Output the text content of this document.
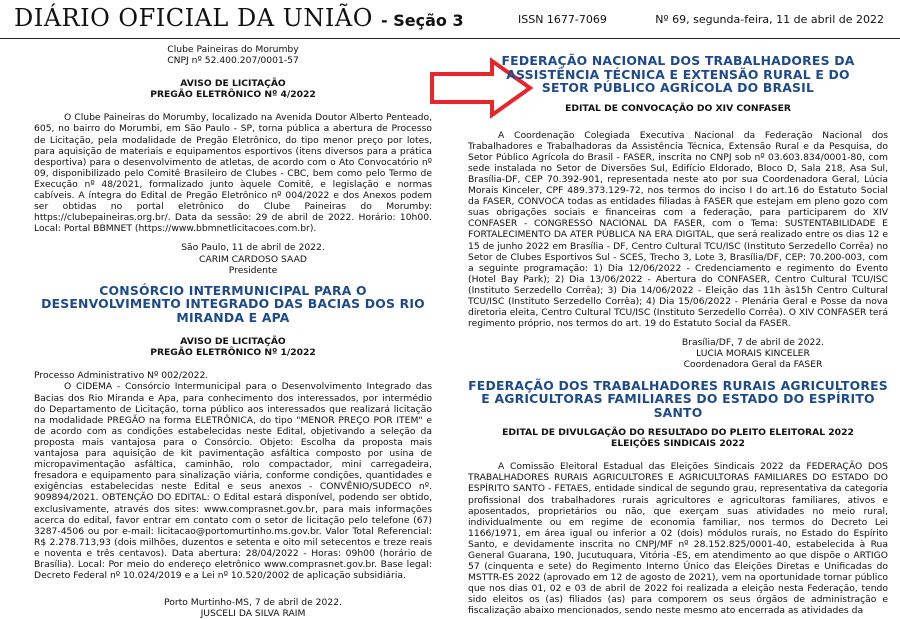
DIÁRIO OFICIAL DA UNIÃO - Seção 3	ISSN 1677-7069	Nº 69, segunda-feira, 11 de abril de 2022
Clube Paineiras do Morumby
CNPJ nº 52.400.207/0001-57
AVISO DE LICITAÇÃO
PREGÃO ELETRÔNICO Nº 4/2022
O Clube Paineiras do Morumby, localizado na Avenida Doutor Alberto Penteado, 605, no bairro do Morumbi, em São Paulo - SP, torna pública a abertura de Processo de Licitação, pela modalidade de Pregão Eletrônico, do tipo menor preço por lotes, para aquisição de materiais e equipamentos esportivos (itens diversos para a prática desportiva) para o desenvolvimento de atletas, de acordo com o Ato Convocatório nº 09, disponibilizado pelo Comitê Brasileiro de Clubes - CBC, bem como pelo Termo de Execução nº 48/2021, formalizado junto àquele Comitê, e legislação e normas cabíveis. A íntegra do Edital de Pregão Eletrônico nº 004/2022 e dos Anexos podem ser obtidas no portal eletrônico do Clube Paineiras do Morumby: https://clubepaineiras.org.br/. Data da sessão: 29 de abril de 2022. Horário: 10h00. Local: Portal BBMNET (https://www.bbmnetlicitacoes.com.br).
São Paulo, 11 de abril de 2022.
CARIM CARDOSO SAAD
Presidente
CONSÓRCIO INTERMUNICIPAL PARA O DESENVOLVIMENTO INTEGRADO DAS BACIAS DOS RIO MIRANDA E APA
AVISO DE LICITAÇÃO
PREGÃO ELETRÔNICO Nº 1/2022
Processo Administrativo Nº 002/2022.
O CIDEMA - Consórcio Intermunicipal para o Desenvolvimento Integrado das Bacias dos Rio Miranda e Apa, para conhecimento dos interessados, por intermédio do Departamento de Licitação, torna público aos interessados que realizará licitação na modalidade PREGÃO na forma ELETRÔNICA, do tipo "MENOR PREÇO POR ITEM" e de acordo com as condições estabelecidas neste Edital, objetivando a seleção da proposta mais vantajosa para o Consórcio. Objeto: Escolha da proposta mais vantajosa para aquisição de kit pavimentação asfáltica composto por usina de micropavimentação asfáltica, caminhão, rolo compactador, mini carregadeira, fresadora e equipamento para sinalização viária, conforme condições, quantidades e exigências estabelecidas neste Edital e seus anexos - CONVÊNIO/SUDECO nº. 909894/2021. OBTENÇÃO DO EDITAL: O Edital estará disponível, podendo ser obtido, exclusivamente, através dos sites: www.comprasnet.gov.br, para mais informações acerca do edital, favor entrar em contato com o setor de licitação pelo telefone (67) 3287-4506 ou por e-mail: licitacao@portomurtinho.ms.gov.br. Valor Total Referencial: R$ 2.278.713,93 (dois milhões, duzentos e setenta e oito mil setecentos e treze reais e noventa e três centavos). Data abertura: 28/04/2022 - Horas: 09h00 (horário de Brasília). Local: Por meio do endereço eletrônico www.comprasnet.gov.br. Base legal: Decreto Federal nº 10.024/2019 e a Lei nº 10.520/2002 de aplicação subsidiária.
Porto Murtinho-MS, 7 de abril de 2022.
JUSCELI DA SILVA RAIM
FEDERAÇÃO NACIONAL DOS TRABALHADORES DA ASSISTÊNCIA TÉCNICA E EXTENSÃO RURAL E DO SETOR PÚBLICO AGRÍCOLA DO BRASIL
EDITAL DE CONVOCAÇÃO DO XIV CONFASER
A Coordenação Colegiada Executiva Nacional da Federação Nacional dos Trabalhadores e Trabalhadoras da Assistência Técnica, Extensão Rural e da Pesquisa, do Setor Público Agrícola do Brasil - FASER, inscrita no CNPJ sob nº 03.603.834/0001-80, com sede instalada no Setor de Diversões Sul, Edifício Eldorado, Bloco D, Sala 218, Asa Sul, Brasília-DF, CEP 70.392-901, representada neste ato por sua Coordenadora Geral, Lúcia Morais Kinceler, CPF 489.373.129-72, nos termos do inciso I do art.16 do Estatuto Social da FASER, CONVOCA todas as entidades filiadas à FASER que estejam em pleno gozo com suas obrigações sociais e financeiras com a federação, para participarem do XIV CONFASER - CONGRESSO NACIONAL DA FASER, com o Tema: SUSTENTABILIDADE E FORTALECIMENTO DA ATER PÚBLICA NA ERA DIGITAL, que será realizado entre os dias 12 e 15 de junho 2022 em Brasília - DF, Centro Cultural TCU/ISC (Instituto Serzedello Corrêa) no Setor de Clubes Esportivos Sul - SCES, Trecho 3, Lote 3, Brasília/DF, CEP: 70.200-003, com a seguinte programação: 1) Dia 12/06/2022 - Credenciamento e regimento do Evento (Hotel Bay Park); 2) Dia 13/06/2022 - Abertura do CONFASER, Centro Cultural TCU/ISC (Instituto Serzedello Corrêa); 3) Dia 14/06/2022 - Eleição das 11h às15h Centro Cultural TCU/ISC (Instituto Serzedello Corrêa); 4) Dia 15/06/2022 - Plenária Geral e Posse da nova diretoria eleita, Centro Cultural TCU/ISC (Instituto Serzedello Corrêa). O XIV CONFASER terá regimento próprio, nos termos do art. 19 do Estatuto Social da FASER.
Brasília/DF, 7 de abril de 2022.
LUCIA MORAIS KINCELER
Coordenadora Geral da FASER
FEDERAÇÃO DOS TRABALHADORES RURAIS AGRICULTORES E AGRICULTORAS FAMILIARES DO ESTADO DO ESPÍRITO SANTO
EDITAL DE DIVULGAÇÃO DO RESULTADO DO PLEITO ELEITORAL 2022
ELEIÇÕES SINDICAIS 2022
A Comissão Eleitoral Estadual das Eleições Sindicais 2022 da FEDERAÇÃO DOS TRABALHADORES RURAIS AGRICULTORES E AGRICULTORAS FAMILIARES DO ESTADO DO ESPÍRITO SANTO - FETAES, entidade sindical de segundo grau, representativa da categoria profissional dos trabalhadores rurais agricultores e agricultoras familiares, ativos e aposentados, proprietários ou não, que exerçam suas atividades no meio rural, individualmente ou em regime de economia familiar, nos termos do Decreto Lei 1166/1971, em área igual ou inferior a 02 (dois) módulos rurais, no Estado do Espírito Santo, e devidamente inscrita no CNPJ/MF nº 28.152.825/0001-40, estabelecida à Rua General Guarana, 190, Jucutuquara, Vitória -ES, em atendimento ao que dispõe o ARTIGO 57 (cinquenta e sete) do Regimento Interno Único das Eleições Diretas e Unificadas do MSTTR-ES 2022 (aprovado em 12 de agosto de 2021), vem na oportunidade tornar público que nos dias 01, 02 e 03 de abril de 2022 foi realizada a eleição nesta Federação, tendo sido eleitos os (as) filiados (as) para comporem os seus órgãos de administração e fiscalização abaixo mencionados, sendo neste mesmo ato encerrada as atividades da
